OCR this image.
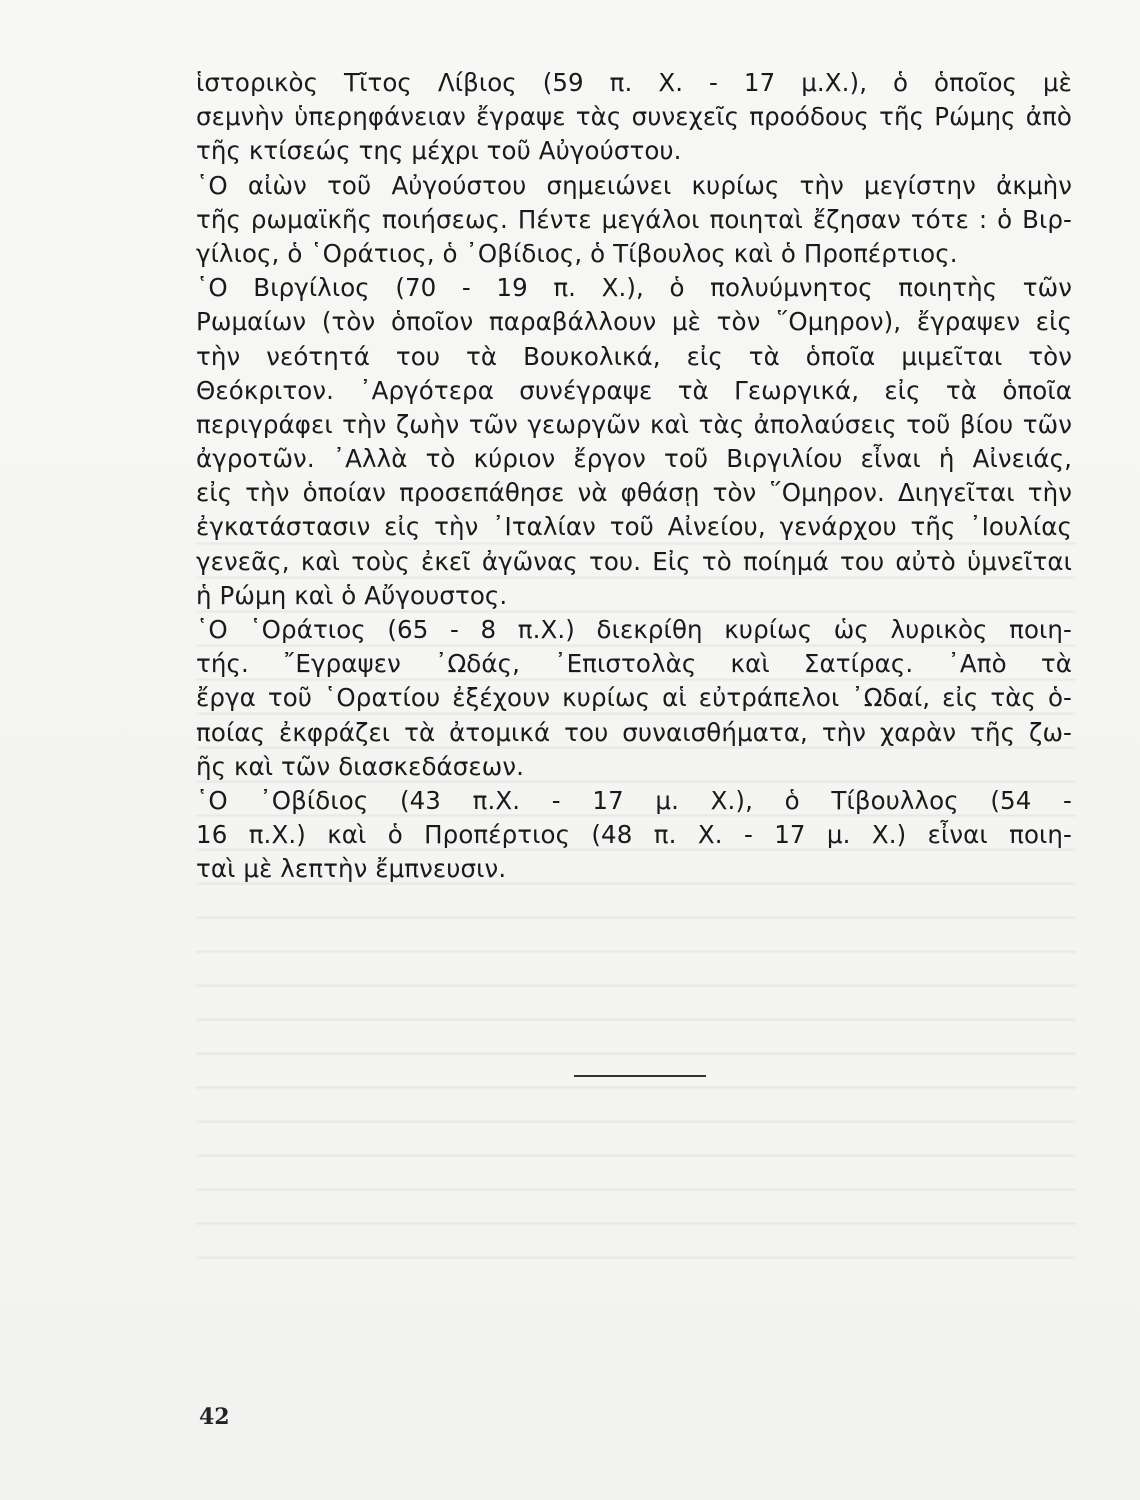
ἱστορικὸς Τῖτος Λίβιος (59 π. Χ. - 17 μ.Χ.), ὁ ὁποῖος μὲ
σεμνὴν ὑπερηφάνειαν ἔγραψε τὰς συνεχεῖς προόδους τῆς Ρώμης ἀπὸ
τῆς κτίσεώς της μέχρι τοῦ Αὐγούστου.
῾Ο αἰὼν τοῦ Αὐγούστου σημειώνει κυρίως τὴν μεγίστην ἀκμὴν
τῆς ρωμαϊκῆς ποιήσεως. Πέντε μεγάλοι ποιηταὶ ἔζησαν τότε : ὁ Βιρ-
γίλιος, ὁ ῾Οράτιος, ὁ ᾿Οβίδιος, ὁ Τίβουλος καὶ ὁ Προπέρτιος.
῾Ο Βιργίλιος (70 - 19 π. Χ.), ὁ πολυύμνητος ποιητὴς τῶν
Ρωμαίων (τὸν ὁποῖον παραβάλλουν μὲ τὸν ῞Ομηρον), ἔγραψεν εἰς
τὴν νεότητά του τὰ Βουκολικά, εἰς τὰ ὁποῖα μιμεῖται τὸν
Θεόκριτον. ᾿Αργότερα συνέγραψε τὰ Γεωργικά, εἰς τὰ ὁποῖα
περιγράφει τὴν ζωὴν τῶν γεωργῶν καὶ τὰς ἀπολαύσεις τοῦ βίου τῶν
ἀγροτῶν. ᾿Αλλὰ τὸ κύριον ἔργον τοῦ Βιργιλίου εἶναι ἡ Αἰνειάς,
εἰς τὴν ὁποίαν προσεπάθησε νὰ φθάσῃ τὸν ῞Ομηρον. Διηγεῖται τὴν
ἐγκατάστασιν εἰς τὴν ᾿Ιταλίαν τοῦ Αἰνείου, γενάρχου τῆς ᾿Ιουλίας
γενεᾶς, καὶ τοὺς ἐκεῖ ἀγῶνας του. Εἰς τὸ ποίημά του αὐτὸ ὑμνεῖται
ἡ Ρώμη καὶ ὁ Αὔγουστος.
῾Ο ῾Οράτιος (65 - 8 π.Χ.) διεκρίθη κυρίως ὡς λυρικὸς ποιη-
τής. ῎Εγραψεν ᾿Ωδάς, ᾿Επιστολὰς καὶ Σατίρας. ᾿Απὸ τὰ
ἔργα τοῦ ῾Ορατίου ἐξέχουν κυρίως αἱ εὐτράπελοι ᾿Ωδαί, εἰς τὰς ὁ-
ποίας ἐκφράζει τὰ ἀτομικά του συναισθήματα, τὴν χαρὰν τῆς ζω-
ῆς καὶ τῶν διασκεδάσεων.
῾Ο ᾿Οβίδιος (43 π.Χ. - 17 μ. Χ.), ὁ Τίβουλλος (54 -
16 π.Χ.) καὶ ὁ Προπέρτιος (48 π. Χ. - 17 μ. Χ.) εἶναι ποιη-
ταὶ μὲ λεπτὴν ἔμπνευσιν.
42
